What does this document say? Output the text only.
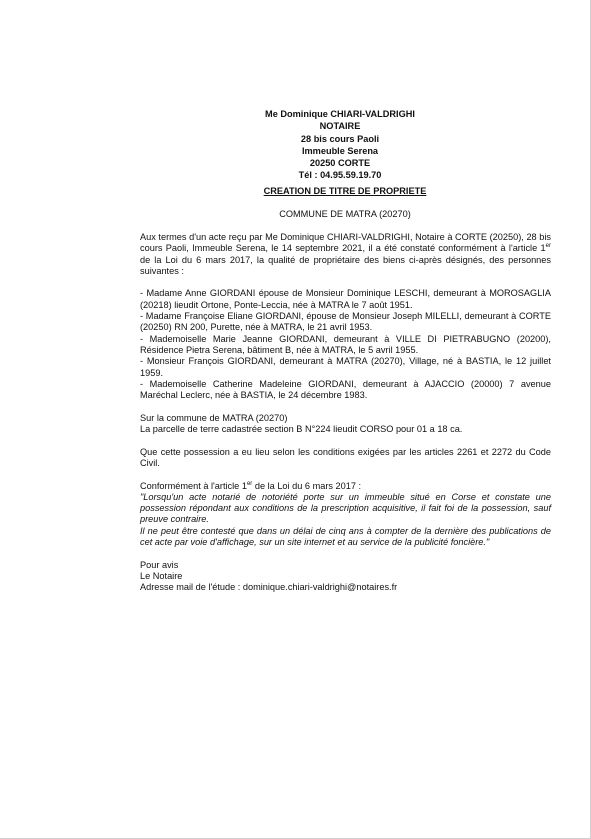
Me Dominique CHIARI-VALDRIGHI
NOTAIRE
28 bis cours Paoli
Immeuble Serena
20250 CORTE
Tél : 04.95.59.19.70
CREATION DE TITRE DE PROPRIETE
COMMUNE DE MATRA (20270)

Aux termes d'un acte reçu par Me Dominique CHIARI-VALDRIGHI, Notaire à CORTE (20250), 28 bis cours Paoli, Immeuble Serena, le 14 septembre 2021, il a été constaté conformément à l'article 1er de la Loi du 6 mars 2017, la qualité de propriétaire des biens ci-après désignés, des personnes suivantes :

- Madame Anne GIORDANI épouse de Monsieur Dominique LESCHI, demeurant à MOROSAGLIA (20218) lieudit Ortone, Ponte-Leccia, née à MATRA le 7 août 1951.

- Madame Françoise Eliane GIORDANI, épouse de Monsieur Joseph MILELLI, demeurant à CORTE (20250) RN 200, Purette, née à MATRA, le 21 avril 1953.

- Mademoiselle Marie Jeanne GIORDANI, demeurant à VILLE DI PIETRABUGNO (20200), Résidence Pietra Serena, bâtiment B, née à MATRA, le 5 avril 1955.

- Monsieur François GIORDANI, demeurant à MATRA (20270), Village, né à BASTIA, le 12 juillet 1959.

- Mademoiselle Catherine Madeleine GIORDANI, demeurant à AJACCIO (20000) 7 avenue Maréchal Leclerc, née à BASTIA, le 24 décembre 1983.

Sur la commune de MATRA (20270)
La parcelle de terre cadastrée section B N°224 lieudit CORSO pour 01 a 18 ca.

Que cette possession a eu lieu selon les conditions exigées par les articles 2261 et 2272 du Code Civil.

Conformément à l'article 1er de la Loi du 6 mars 2017 :
"Lorsqu'un acte notarié de notoriété porte sur un immeuble situé en Corse et constate une possession répondant aux conditions de la prescription acquisitive, il fait foi de la possession, sauf preuve contraire.
Il ne peut être contesté que dans un délai de cinq ans à compter de la dernière des publications de cet acte par voie d'affichage, sur un site internet et au service de la publicité foncière."
Pour avis
Le Notaire
Adresse mail de l'étude : dominique.chiari-valdrighi@notaires.fr
